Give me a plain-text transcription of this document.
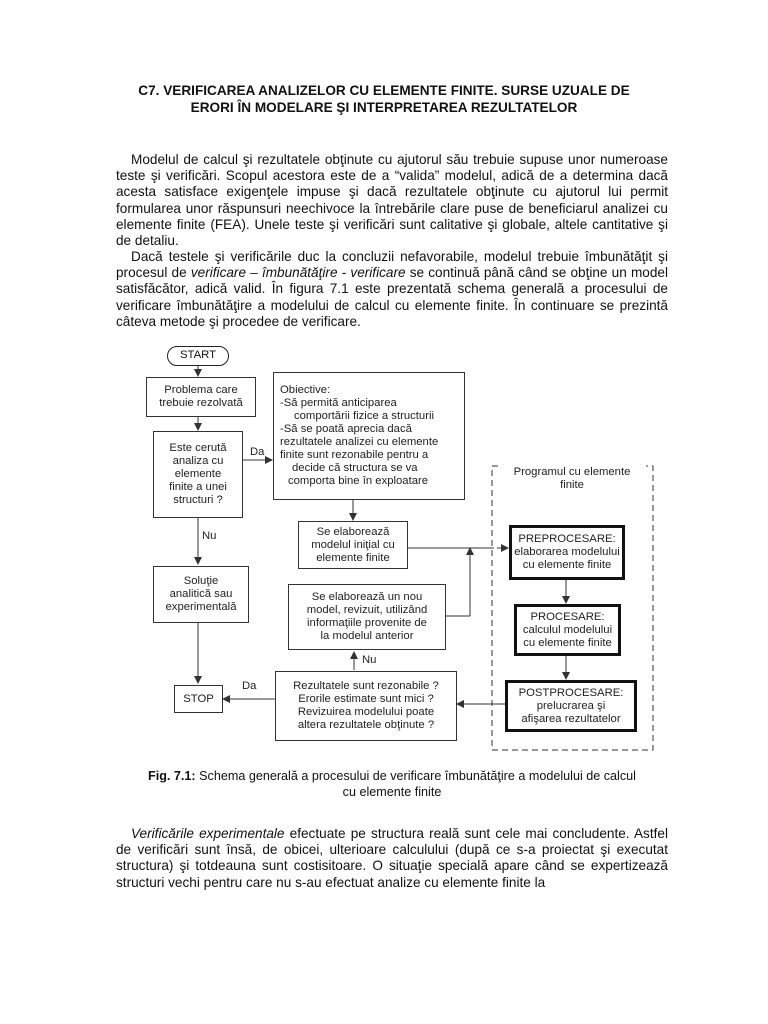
C7. VERIFICAREA ANALIZELOR CU ELEMENTE FINITE. SURSE UZUALE DE
ERORI ÎN MODELARE ŞI INTERPRETAREA REZULTATELOR

Modelul de calcul şi rezultatele obţinute cu ajutorul său trebuie supuse unor numeroase teste şi verificări. Scopul acestora este de a “valida” modelul, adică de a determina dacă acesta satisface exigenţele impuse şi dacă rezultatele obţinute cu ajutorul lui permit formularea unor răspunsuri neechivoce la întrebările clare puse de beneficiarul analizei cu elemente finite (FEA). Unele teste şi verificări sunt calitative şi globale, altele cantitative şi de detaliu.

Dacă testele şi verificările duc la concluzii nefavorabile, modelul trebuie îmbunătăţit şi procesul de verificare – îmbunătăţire - verificare se continuă până când se obţine un model satisfăcător, adică valid. În figura 7.1 este prezentată schema generală a procesului de verificare îmbunătăţire a modelului de calcul cu elemente finite. În continuare se prezintă câteva metode şi procedee de verificare.

START
Problema care
trebuie rezolvată
Este cerută
analiza cu
elemente
finite a unei
structuri ?
Obiective:
-Să permită anticiparea
comportării fizice a structurii
-Să se poată aprecia dacă
rezultatele analizei cu elemente
finite sunt rezonabile pentru a
decide că structura se va
comporta bine în exploatare
Da
Nu	Se elaborează
modelul iniţial cu
elemente finite
Se elaborează un nou
model, revizuit, utilizând
informaţiile provenite de
la modelul anterior
Soluţie
analitică sau
experimentală
STOP
Da
Nu
Rezultatele sunt rezonabile ?
Erorile estimate sunt mici ?
Revizuirea modelului poate
altera rezultatele obţinute ?
Programul cu elemente
finite
PREPROCESARE:
elaborarea modelului
cu elemente finite
PROCESARE:
calculul modelului
cu elemente finite
POSTPROCESARE:
prelucrarea şi
afişarea rezultatelor
Fig. 7.1: Schema generală a procesului de verificare îmbunătăţire a modelului de calcul
cu elemente finite

Verificările experimentale efectuate pe structura reală sunt cele mai concludente. Astfel de verificări sunt însă, de obicei, ulterioare calculului (după ce s-a proiectat şi executat structura) şi totdeauna sunt costisitoare. O situaţie specială apare când se expertizează structuri vechi pentru care nu s-au efectuat analize cu elemente finite la
